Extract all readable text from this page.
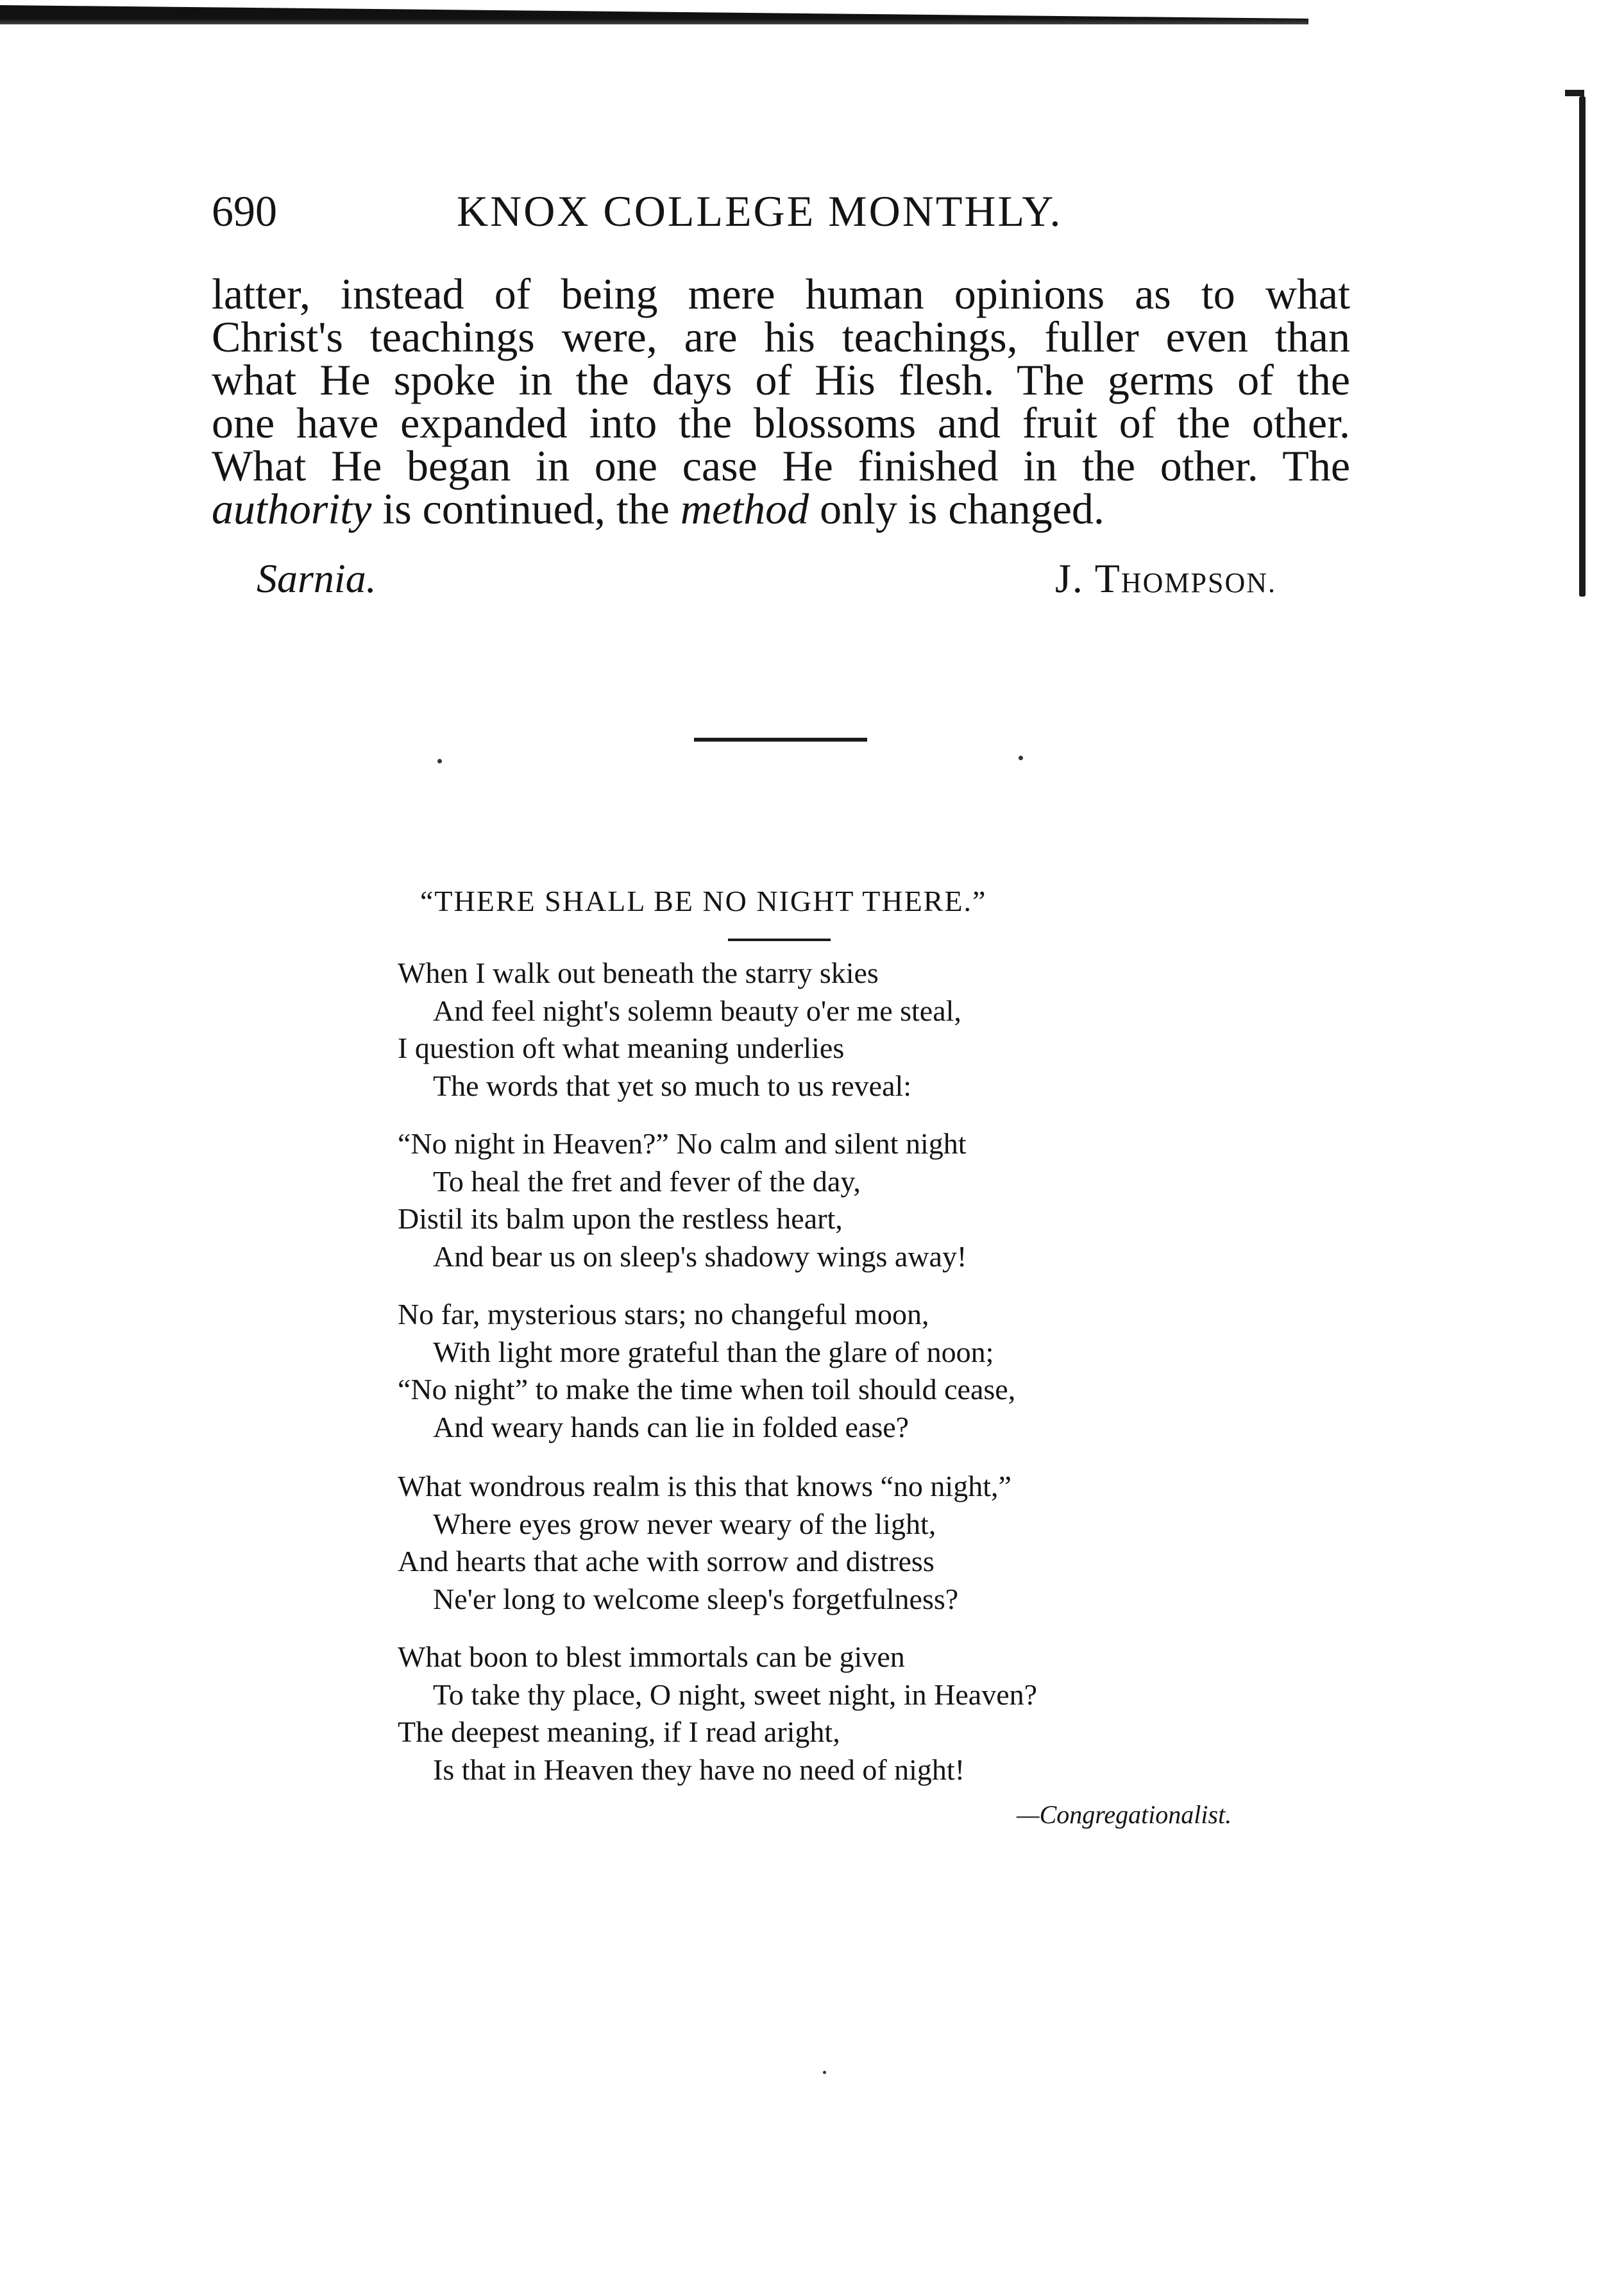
690	KNOX COLLEGE MONTHLY.
latter, instead of being mere human opinions as to what
Christ's teachings were, are his teachings, fuller even than
what He spoke in the days of His flesh. The germs of the
one have expanded into the blossoms and fruit of the other.
What He began in one case He finished in the other. The
authority is continued, the method only is changed.
Sarnia.	J. THOMPSON.
“THERE SHALL BE NO NIGHT THERE.”
When I walk out beneath the starry skies
And feel night's solemn beauty o'er me steal,
I question oft what meaning underlies
The words that yet so much to us reveal:
“No night in Heaven?” No calm and silent night
To heal the fret and fever of the day,
Distil its balm upon the restless heart,
And bear us on sleep's shadowy wings away!
No far, mysterious stars; no changeful moon,
With light more grateful than the glare of noon;
“No night” to make the time when toil should cease,
And weary hands can lie in folded ease?
What wondrous realm is this that knows “no night,”
Where eyes grow never weary of the light,
And hearts that ache with sorrow and distress
Ne'er long to welcome sleep's forgetfulness?
What boon to blest immortals can be given
To take thy place, O night, sweet night, in Heaven?
The deepest meaning, if I read aright,
Is that in Heaven they have no need of night!
—Congregationalist.
